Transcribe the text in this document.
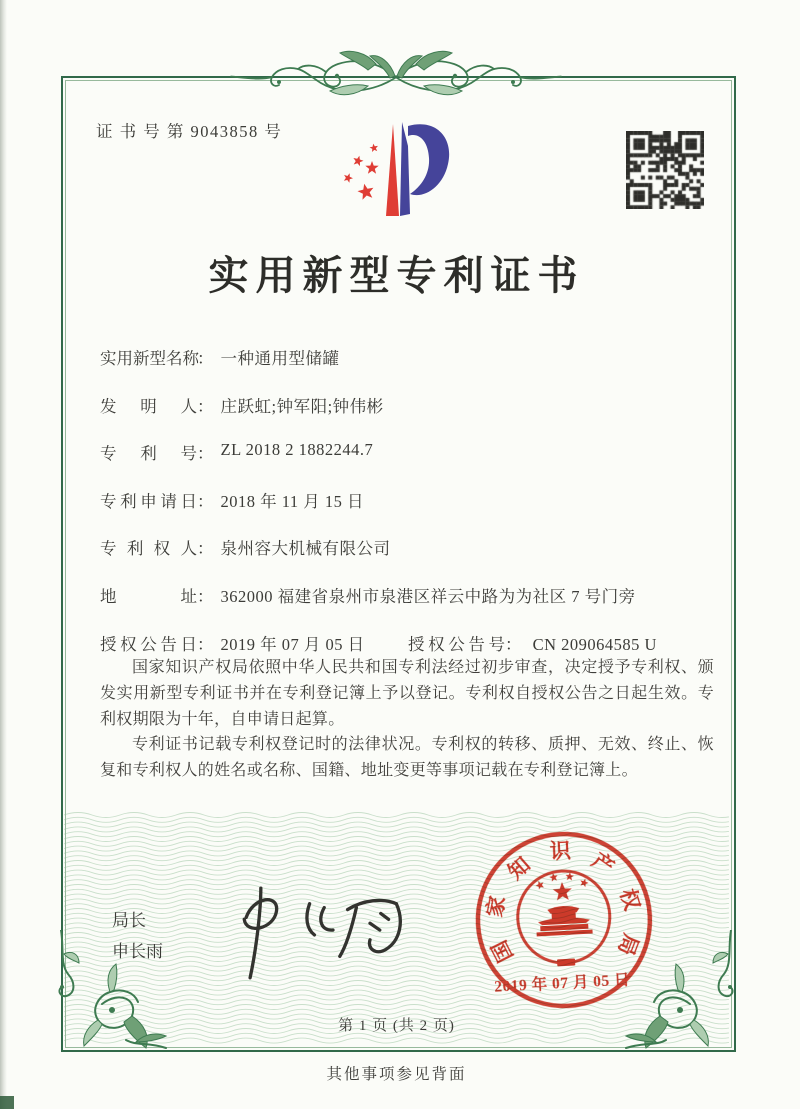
证 书 号 第 9043858 号
实用新型专利证书
实用新型名称
： 一种通用型储罐
发明人 ： 庄跃虹;钟军阳;钟伟彬
专利号 ： ZL 2018 2 1882244.7
专利申请日 ： 2018 年 11 月 15 日
专利权人 ： 泉州容大机械有限公司
地址 ： 362000 福建省泉州市泉港区祥云中路为为社区 7 号门旁
授权公告日 ： 2019 年 07 月 05 日	授权公告号： CN 209064585 U

国家知识产权局依照中华人民共和国专利法经过初步审查，决定授予专利权、颁发实用新型专利证书并在专利登记簿上予以登记。专利权自授权公告之日起生效。专利权期限为十年，自申请日起算。

专利证书记载专利权登记时的法律状况。专利权的转移、质押、无效、终止、恢复和专利权人的姓名或名称、国籍、地址变更等事项记载在专利登记簿上。

局长
申长雨
2019 年 07 月 05 日
国
家
知
识 产
权
局
第 1 页 (共 2 页)
其他事项参见背面
